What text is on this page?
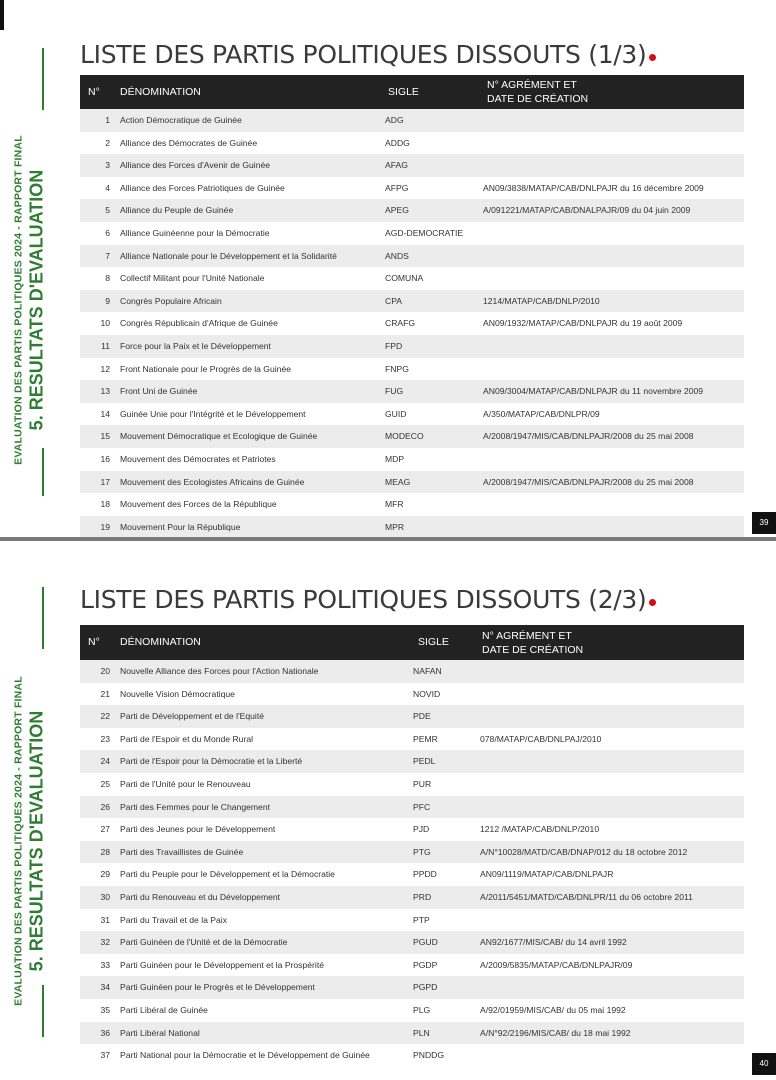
EVALUATION DES PARTIS POLITIQUES 2024 - RAPPORT FINAL 5. RESULTATS D'EVALUATION
LISTE DES PARTIS POLITIQUES DISSOUTS (1/3)
N° DÉNOMINATION	SIGLE
N° AGRÉMENT ET
DATE DE CRÉATION
1 Action Démocratique de Guinée	ADG
2 Alliance des Démocrates de Guinée	ADDG
3 Alliance des Forces d'Avenir de Guinée	AFAG
4 Alliance des Forces Patriotiques de Guinée	AFPG	AN09/3838/MATAP/CAB/DNLPAJR du 16 décembre 2009
5 Alliance du Peuple de Guinée	APEG	A/091221/MATAP/CAB/DNALPAJR/09 du 04 juin 2009
6 Alliance Guinéenne pour la Démocratie	AGD-DEMOCRATIE
7 Alliance Nationale pour le Développement et la Solidarité	ANDS
8 Collectif Militant pour l'Unité Nationale	COMUNA
9 Congrès Populaire Africain	CPA	1214/MATAP/CAB/DNLP/2010
10 Congrès Républicain d'Afrique de Guinée	CRAFG	AN09/1932/MATAP/CAB/DNLPAJR du 19 août 2009
11 Force pour la Paix et le Développement	FPD
12 Front Nationale pour le Progrès de la Guinée	FNPG
13 Front Uni de Guinée	FUG	AN09/3004/MATAP/CAB/DNLPAJR du 11 novembre 2009
14 Guinée Unie pour l'Intégrité et le Développement	GUID	A/350/MATAP/CAB/DNLPR/09
15 Mouvement Démocratique et Ecologique de Guinée	MODECO	A/2008/1947/MIS/CAB/DNLPAJR/2008 du 25 mai 2008
16 Mouvement des Démocrates et Patriotes	MDP
17 Mouvement des Ecologistes Africains de Guinée	MEAG	A/2008/1947/MIS/CAB/DNLPAJR/2008 du 25 mai 2008
18 Mouvement des Forces de la République	MFR
19 Mouvement Pour la République	MPR	39
EVALUATION DES PARTIS POLITIQUES 2024 - RAPPORT FINAL 5. RESULTATS D'EVALUATION
LISTE DES PARTIS POLITIQUES DISSOUTS (2/3)
N° DÉNOMINATION	SIGLE	N° AGRÉMENT ET
DATE DE CRÉATION
20 Nouvelle Alliance des Forces pour l'Action Nationale	NAFAN
21 Nouvelle Vision Démocratique	NOVID
22 Parti de Développement et de l'Equité	PDE
23 Parti de l'Espoir et du Monde Rural	PEMR	078/MATAP/CAB/DNLPAJ/2010
24 Parti de l'Espoir pour la Démocratie et la Liberté	PEDL
25 Parti de l'Unité pour le Renouveau	PUR
26 Parti des Femmes pour le Changement	PFC
27 Parti des Jeunes pour le Développement	PJD	1212 /MATAP/CAB/DNLP/2010
28 Parti des Travaillistes de Guinée	PTG	A/N°10028/MATD/CAB/DNAP/012 du 18 octobre 2012
29 Parti du Peuple pour le Développement et la Démocratie	PPDD	AN09/1119/MATAP/CAB/DNLPAJR
30 Parti du Renouveau et du Développement	PRD	A/2011/5451/MATD/CAB/DNLPR/11 du 06 octobre 2011
31 Parti du Travail et de la Paix	PTP
32 Parti Guinéen de l'Unité et de la Démocratie	PGUD	AN92/1677/MIS/CAB/ du 14 avril 1992
33 Parti Guinéen pour le Développement et la Prospérité	PGDP	A/2009/5835/MATAP/CAB/DNLPAJR/09
34 Parti Guinéen pour le Progrès et le Développement	PGPD
35 Parti Libéral de Guinée	PLG	A/92/01959/MIS/CAB/ du 05 mai 1992
36 Parti Libéral National	PLN	A/N°92/2196/MIS/CAB/ du 18 mai 1992
37 Parti National pour la Démocratie et le Développement de Guinée	PNDDG
40
